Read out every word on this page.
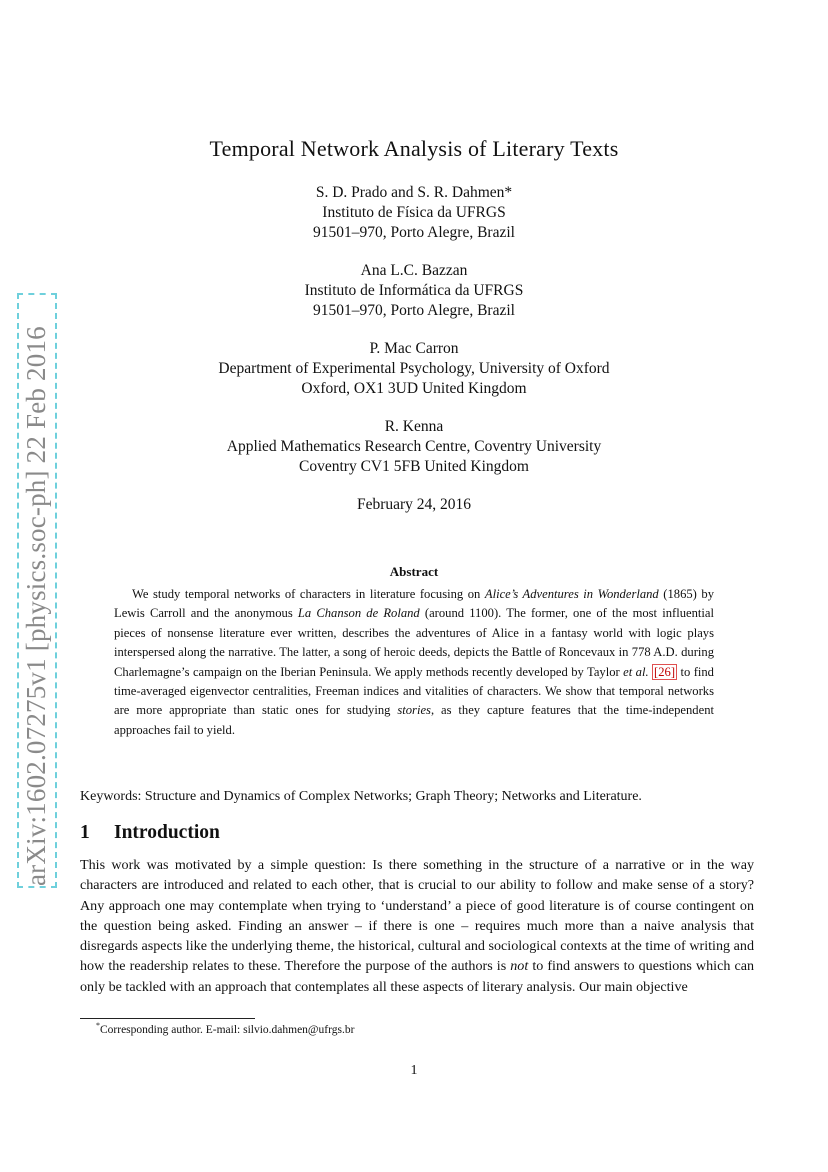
arXiv:1602.07275v1 [physics.soc-ph] 22 Feb 2016
Temporal Network Analysis of Literary Texts
S. D. Prado and S. R. Dahmen*
Instituto de Física da UFRGS
91501–970, Porto Alegre, Brazil
Ana L.C. Bazzan
Instituto de Informática da UFRGS
91501–970, Porto Alegre, Brazil
P. Mac Carron
Department of Experimental Psychology, University of Oxford
Oxford, OX1 3UD United Kingdom
R. Kenna
Applied Mathematics Research Centre, Coventry University
Coventry CV1 5FB United Kingdom
February 24, 2016
Abstract

We study temporal networks of characters in literature focusing on Alice’s Adventures in Wonderland (1865) by Lewis Carroll and the anonymous La Chanson de Roland (around 1100). The former, one of the most influential pieces of nonsense literature ever written, describes the adventures of Alice in a fantasy world with logic plays interspersed along the narrative. The latter, a song of heroic deeds, depicts the Battle of Roncevaux in 778 A.D. during Charlemagne’s campaign on the Iberian Peninsula. We apply methods recently developed by Taylor et al. [26] to find time-averaged eigenvector centralities, Freeman indices and vitalities of characters. We show that temporal networks are more appropriate than static ones for studying stories, as they capture features that the time-independent approaches fail to yield.

Keywords: Structure and Dynamics of Complex Networks; Graph Theory; Networks and Literature.
1 Introduction

This work was motivated by a simple question: Is there something in the structure of a narrative or in the way characters are introduced and related to each other, that is crucial to our ability to follow and make sense of a story? Any approach one may contemplate when trying to ‘understand’ a piece of good literature is of course contingent on the question being asked. Finding an answer – if there is one – requires much more than a naive analysis that disregards aspects like the underlying theme, the historical, cultural and sociological contexts at the time of writing and how the readership relates to these. Therefore the purpose of the authors is not to find answers to questions which can only be tackled with an approach that contemplates all these aspects of literary analysis. Our main objective

*Corresponding author. E-mail: silvio.dahmen@ufrgs.br
1
